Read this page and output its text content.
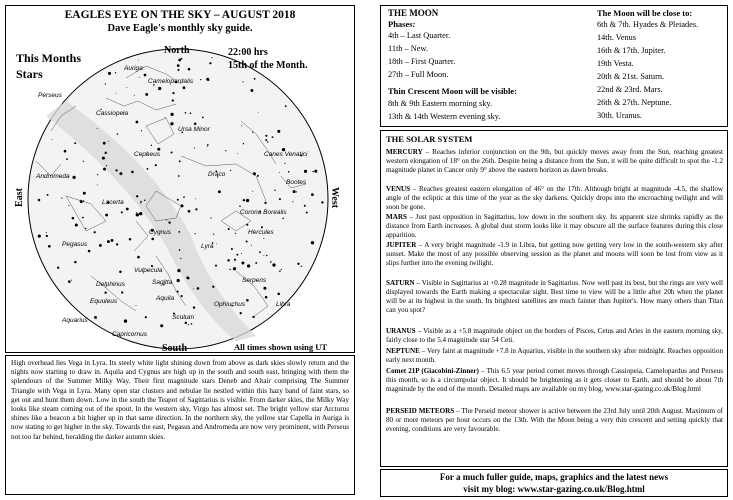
EAGLES EYE ON THE SKY – AUGUST 2018
Dave Eagle's monthly sky guide.
Auriga
Perseus
Camelopardalis
Cassiopeia
Ursa Minor
Andromeda
Cepheus	Canes Venatici
Draco
Lacerta
Bootes
Corona Borealis
Pegasus
Cygnus	Hercules
Lyra
Vulpecula
Delphinus	Sagitta
Equuleus	Aquila
Serpens
Ophiuchus
Aquarius
Capricornus
Scutum
Libra
This Months
Stars
22:00 hrs
15th of the Month.
North
South
East	West
All times shown using UT
High overhead lies Vega in Lyra. Its steely white light shining down from above as dark skies slowly return and the nights now starting to draw in. Aquila and Cygnus are high up in the south and south east, bringing with them the splendours of the Summer Milky Way. Their first magnitude stars Deneb and Altair comprising The Summer Triangle with Vega in Lyra. Many open star clusters and nebulae lie nestled within this hazy band of faint stars, so get out and hunt them down. Low in the south the Teapot of Sagittarius is visible. From darker skies, the Milky Way looks like steam coming out of the spout. In the western sky, Virgo has almost set. The bright yellow star Arcturus shines like a beacon a bit higher up in that same direction. In the northern sky, the yellow star Capella in Auriga is now stating to get higher in the sky. Towards the east, Pegasus and Andromeda are now very prominent, with Perseus not too far behind, heralding the darker autumn skies.
THE MOON
Phases:
4th – Last Quarter.
11th – New.
18th – First Quarter.
27th – Full Moon.
Thin Crescent Moon will be visible:
8th & 9th Eastern morning sky.
13th & 14th Western evening sky.
The Moon will be close to:
6th & 7th. Hyades & Pleiades.
14th. Venus
16th & 17th. Jupiter.
19th Vesta.
20th & 21st. Saturn.
22nd & 23rd. Mars.
26th & 27th. Neptune.
30th. Uranus.
THE SOLAR SYSTEM
MERCURY – Reaches inferior conjunction on the 9th, but quickly moves away from the Sun, reaching greatest western elongation of 18° on the 26th. Despite being a distance from the Sun, it will be quite difficult to spot the -1.2 magnitude planet in Cancer only 9° above the eastern horizon as dawn breaks.
VENUS – Reaches greatest eastern elongation of 46° on the 17th. Although bright at magnitude -4.5, the shallow angle of the ecliptic at this time of the year as the sky darkens. Quickly drops into the encroaching twilight and will soon be gone.
MARS – Just past opposition in Sagittarius, low down in the southern sky. Its apparent size shrinks rapidly as the distance from Earth increases. A global dust storm looks like it may obscure all the surface features during this close apparition.
JUPITER – A very bright magnitude -1.9 in Libra, but getting now getting very low in the south-western sky after sunset. Make the most of any possible observing session as the planet and moons will soon be lost from view as it slips further into the evening twilight.
SATURN – Visible in Sagittarius at +0.28 magnitude in Sagittarius. Now well past its best, but the rings are very well displayed towards the Earth making a spectacular sight. Best time to view will be a little after 20h when the planet will be at its highest in the south. Its brightest satellites are much fainter than Jupiter's. How many others than Titan can you spot?
URANUS – Visible as a +5.8 magnitude object on the borders of Pisces, Cetus and Aries in the eastern morning sky, fairly close to the 5.4 magnitude star 54 Ceti.
NEPTUNE – Very faint at magnitude +7.8 in Aquarius, visible in the southern sky after midnight. Reaches opposition early next month.
Comet 21P (Giacobini-Zinner) – This 6.5 year period comet moves through Cassiopeia, Camelopardus and Perseus this month, so is a circumpolar object. It should be brightening as it gets closer to Earth, and should be about 7th magnitude by the end of the month. Detailed maps are available on my blog, www.star-gazing.co.uk/Blog.html
PERSEID METEORS – The Perseid meteor shower is active between the 23rd July until 20th August. Maximum of 80 or more meteors per hour occurs on the 13th. With the Moon being a very thin crescent and setting quickly that evening, conditions are very favourable.
For a much fuller guide, maps, graphics and the latest news
visit my blog: www.star-gazing.co.uk/Blog.html
